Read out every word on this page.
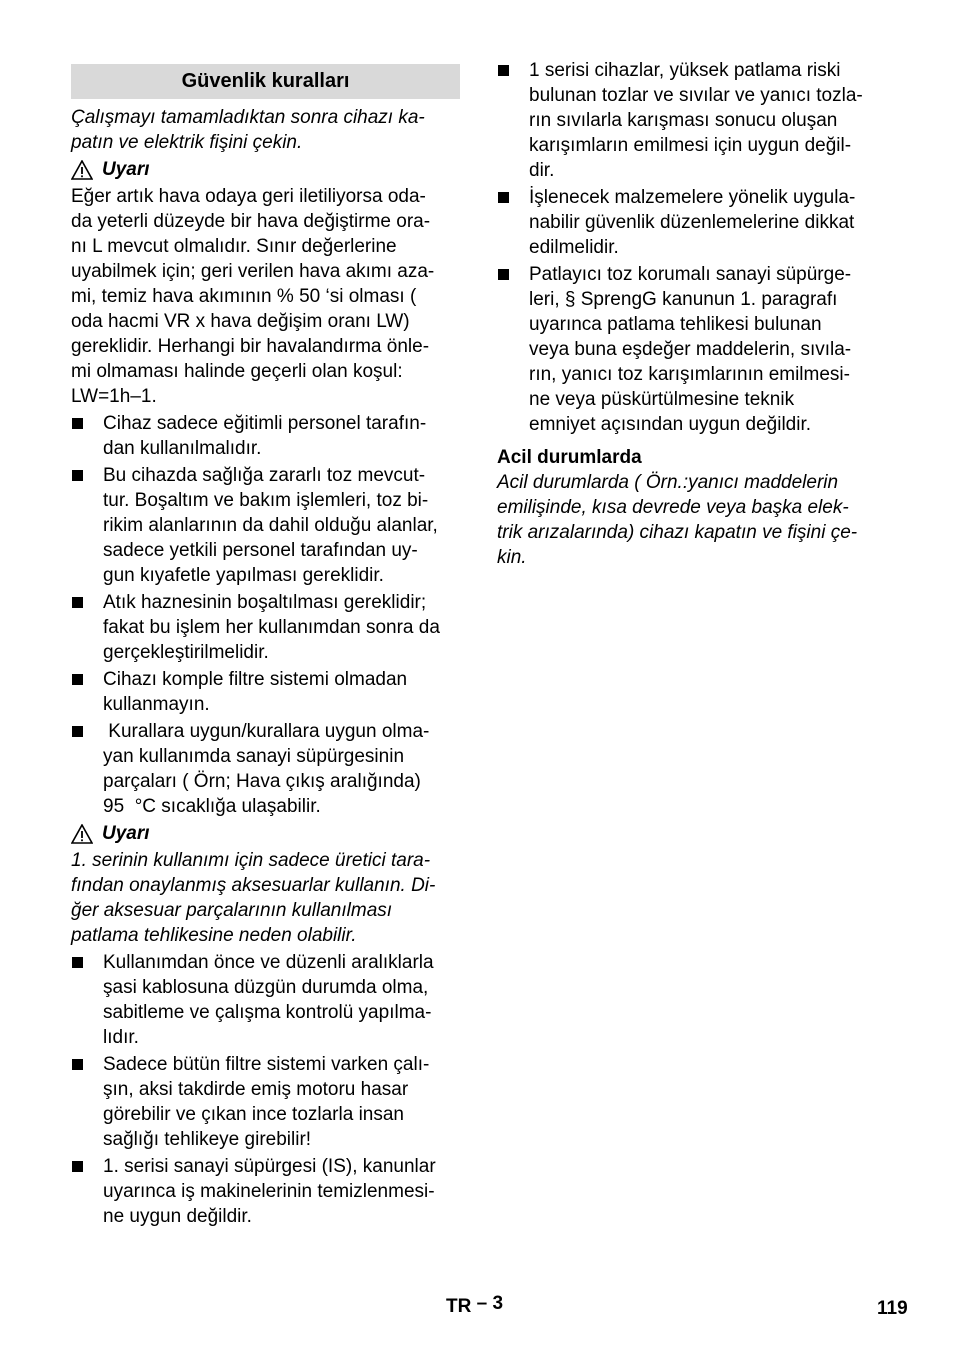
Güvenlik kuralları
Çalışmayı tamamladıktan sonra cihazı ka-
patın ve elektrik fişini çekin.
Uyarı
Eğer artık hava odaya geri iletiliyorsa oda-
da yeterli düzeyde bir hava değiştirme ora-
nı L mevcut olmalıdır. Sınır değerlerine
uyabilmek için; geri verilen hava akımı aza-
mi, temiz hava akımının % 50 ‘si olması (
oda hacmi VR x hava değişim oranı LW)
gereklidir. Herhangi bir havalandırma önle-
mi olmaması halinde geçerli olan koşul:
LW=1h–1.
Cihaz sadece eğitimli personel tarafın-
dan kullanılmalıdır.
Bu cihazda sağlığa zararlı toz mevcut-
tur. Boşaltım ve bakım işlemleri, toz bi-
rikim alanlarının da dahil olduğu alanlar,
sadece yetkili personel tarafından uy-
gun kıyafetle yapılması gereklidir.
Atık haznesinin boşaltılması gereklidir;
fakat bu işlem her kullanımdan sonra da
gerçekleştirilmelidir.
Cihazı komple filtre sistemi olmadan
kullanmayın.
Kurallara uygun/kurallara uygun olma-
yan kullanımda sanayi süpürgesinin
parçaları ( Örn; Hava çıkış aralığında)
95  °C sıcaklığa ulaşabilir.
Uyarı
1. serinin kullanımı için sadece üretici tara-
fından onaylanmış aksesuarlar kullanın. Di-
ğer aksesuar parçalarının kullanılması
patlama tehlikesine neden olabilir.
Kullanımdan önce ve düzenli aralıklarla
şasi kablosuna düzgün durumda olma,
sabitleme ve çalışma kontrolü yapılma-
lıdır.
Sadece bütün filtre sistemi varken çalı-
şın, aksi takdirde emiş motoru hasar
görebilir ve çıkan ince tozlarla insan
sağlığı tehlikeye girebilir!
1. serisi sanayi süpürgesi (IS), kanunlar
uyarınca iş makinelerinin temizlenmesi-
ne uygun değildir.
1 serisi cihazlar, yüksek patlama riski
bulunan tozlar ve sıvılar ve yanıcı tozla-
rın sıvılarla karışması sonucu oluşan
karışımların emilmesi için uygun değil-
dir.
İşlenecek malzemelere yönelik uygula-
nabilir güvenlik düzenlemelerine dikkat
edilmelidir.
Patlayıcı toz korumalı sanayi süpürge-
leri, § SprengG kanunun 1. paragrafı
uyarınca patlama tehlikesi bulunan
veya buna eşdeğer maddelerin, sıvıla-
rın, yanıcı toz karışımlarının emilmesi-
ne veya püskürtülmesine teknik
emniyet açısından uygun değildir.
Acil durumlarda
Acil durumlarda ( Örn.:yanıcı maddelerin
emilişinde, kısa devrede veya başka elek-
trik arızalarında) cihazı kapatın ve fişini çe-
kin.
TR – 3	119
